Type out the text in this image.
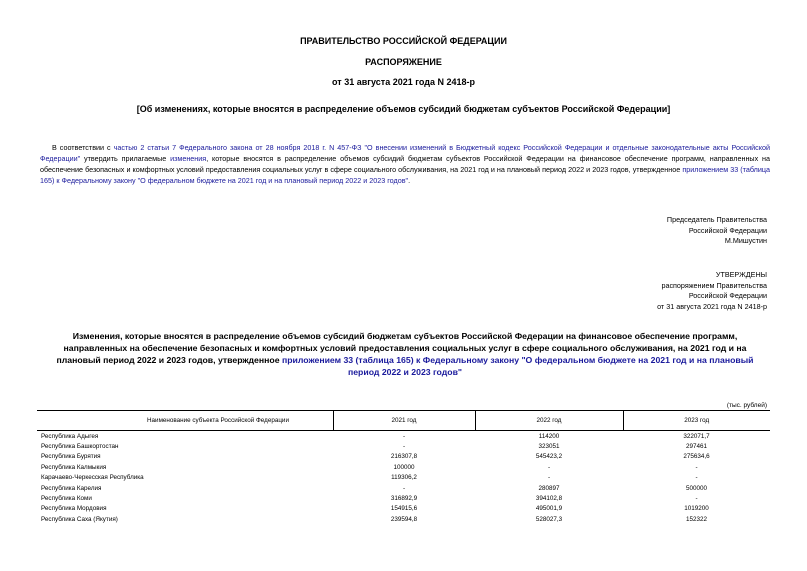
ПРАВИТЕЛЬСТВО РОССИЙСКОЙ ФЕДЕРАЦИИ
РАСПОРЯЖЕНИЕ
от 31 августа 2021 года N 2418-р
[Об изменениях, которые вносятся в распределение объемов субсидий бюджетам субъектов Российской Федерации]
В соответствии с частью 2 статьи 7 Федерального закона от 28 ноября 2018 г. N 457-ФЗ "О внесении изменений в Бюджетный кодекс Российской Федерации и отдельные законодательные акты Российской Федерации" утвердить прилагаемые изменения, которые вносятся в распределение объемов субсидий бюджетам субъектов Российской Федерации на финансовое обеспечение программ, направленных на обеспечение безопасных и комфортных условий предоставления социальных услуг в сфере социального обслуживания, на 2021 год и на плановый период 2022 и 2023 годов, утвержденное приложением 33 (таблица 165) к Федеральному закону "О федеральном бюджете на 2021 год и на плановый период 2022 и 2023 годов".
Председатель Правительства
Российской Федерации
М.Мишустин
УТВЕРЖДЕНЫ
распоряжением Правительства
Российской Федерации
от 31 августа 2021 года N 2418-р
Изменения, которые вносятся в распределение объемов субсидий бюджетам субъектов Российской Федерации на финансовое обеспечение программ, направленных на обеспечение безопасных и комфортных условий предоставления социальных услуг в сфере социального обслуживания, на 2021 год и на плановый период 2022 и 2023 годов, утвержденное приложением 33 (таблица 165) к Федеральному закону "О федеральном бюджете на 2021 год и на плановый период 2022 и 2023 годов"
(тыс. рублей)
Наименование субъекта Российской Федерации	2021 год	2022 год	2023 год
Республика Адыгея	-	114200	322071,7
Республика Башкортостан	-	323051	297461
Республика Бурятия	216307,8	545423,2	275634,6
Республика Калмыкия	100000	-	-
Карачаево-Черкесская Республика	119306,2	-	-
Республика Карелия	-	280897	500000
Республика Коми	316892,9	394102,8	-
Республика Мордовия	154915,6	495001,9	1019200
Республика Саха (Якутия)	239594,8	528027,3	152322
